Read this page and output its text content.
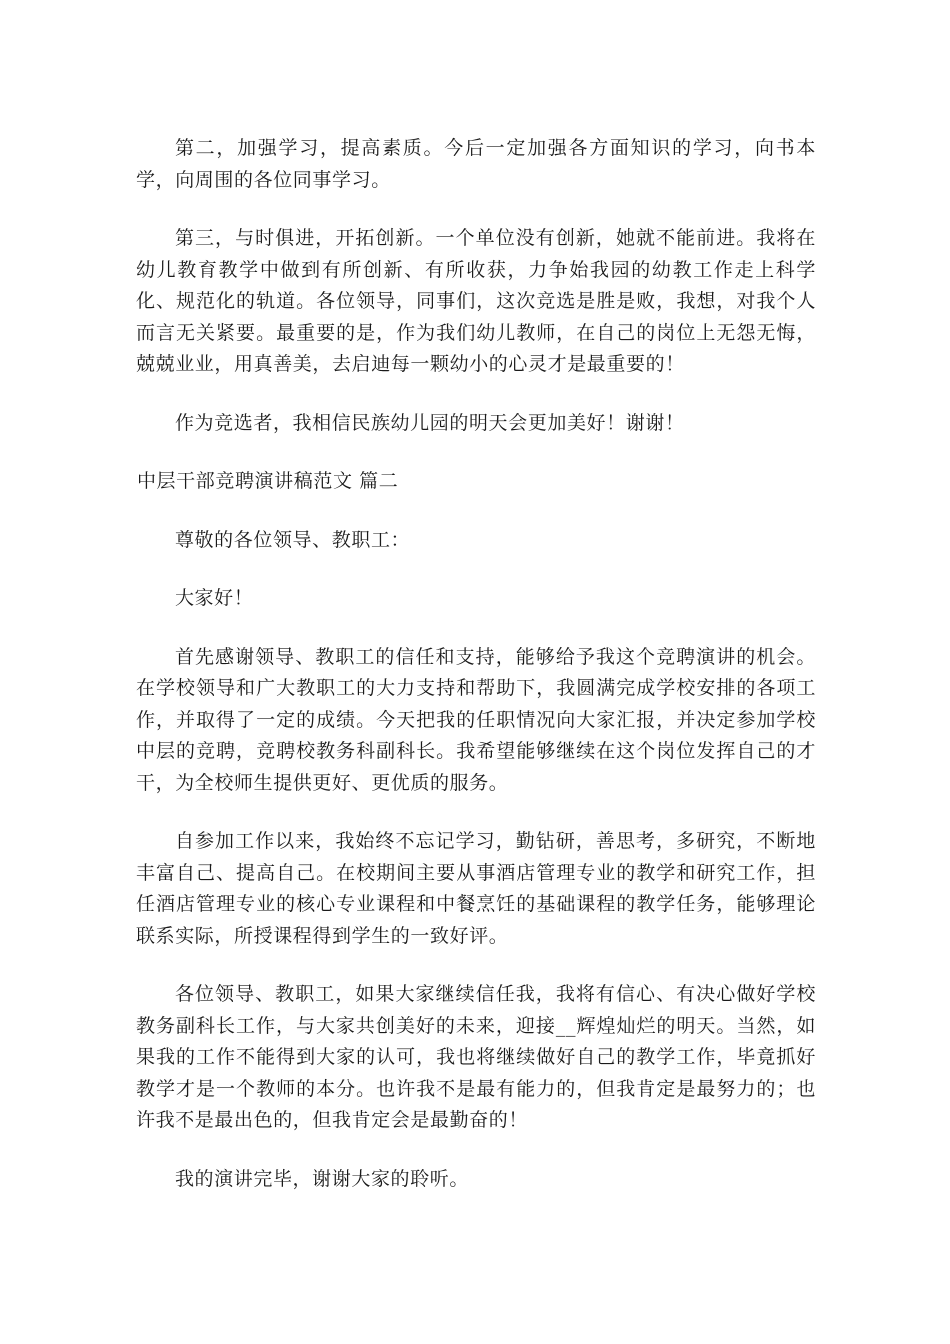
第二，加强学习，提高素质。今后一定加强各方面知识的学习，向书本学，向周围的各位同事学习。

第三，与时俱进，开拓创新。一个单位没有创新，她就不能前进。我将在幼儿教育教学中做到有所创新、有所收获，力争始我园的幼教工作走上科学化、规范化的轨道。各位领导，同事们，这次竞选是胜是败，我想，对我个人而言无关紧要。最重要的是，作为我们幼儿教师，在自己的岗位上无怨无悔，兢兢业业，用真善美，去启迪每一颗幼小的心灵才是最重要的！

作为竞选者，我相信民族幼儿园的明天会更加美好！谢谢！

中层干部竞聘演讲稿范文 篇二

尊敬的各位领导、教职工：

大家好！

首先感谢领导、教职工的信任和支持，能够给予我这个竞聘演讲的机会。在学校领导和广大教职工的大力支持和帮助下，我圆满完成学校安排的各项工作，并取得了一定的成绩。今天把我的任职情况向大家汇报，并决定参加学校中层的竞聘，竞聘校教务科副科长。我希望能够继续在这个岗位发挥自己的才干，为全校师生提供更好、更优质的服务。

自参加工作以来，我始终不忘记学习，勤钻研，善思考，多研究，不断地丰富自己、提高自己。在校期间主要从事酒店管理专业的教学和研究工作，担任酒店管理专业的核心专业课程和中餐烹饪的基础课程的教学任务，能够理论联系实际，所授课程得到学生的一致好评。

各位领导、教职工，如果大家继续信任我，我将有信心、有决心做好学校教务副科长工作，与大家共创美好的未来，迎接__辉煌灿烂的明天。当然，如果我的工作不能得到大家的认可，我也将继续做好自己的教学工作，毕竟抓好教学才是一个教师的本分。也许我不是最有能力的，但我肯定是最努力的；也许我不是最出色的，但我肯定会是最勤奋的！

我的演讲完毕，谢谢大家的聆听。
